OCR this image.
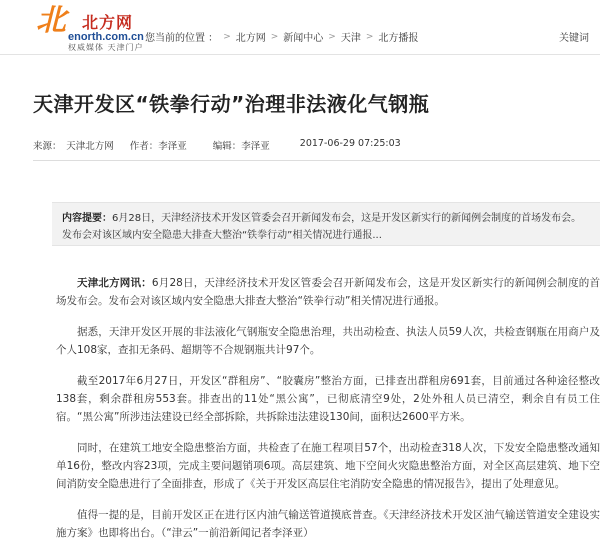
北 北方网
enorth.com.cn
权威媒体 天津门户
您当前的位置 ： > 北方网 > 新闻中心 > 天津 > 北方播报	关键词
天津开发区“铁拳行动”治理非法液化气钢瓶
来源：　天津北方网 作者：李泽亚	编辑：李泽亚	2017-06-29 07:25:03
内容提要：6月28日，天津经济技术开发区管委会召开新闻发布会，这是开发区新实行的新闻例会制度的首场发布会。发布会对该区域内安全隐患大排查大整治“铁拳行动”相关情况进行通报...

天津北方网讯：6月28日，天津经济技术开发区管委会召开新闻发布会，这是开发区新实行的新闻例会制度的首场发布会。发布会对该区域内安全隐患大排查大整治“铁拳行动”相关情况进行通报。

据悉，天津开发区开展的非法液化气钢瓶安全隐患治理，共出动检查、执法人员59人次，共检查钢瓶在用商户及个人108家，查扣无条码、超期等不合规钢瓶共计97个。

截至2017年6月27日，开发区“群租房”、“胶囊房”整治方面，已排查出群租房691套，目前通过各种途径整改138套，剩余群租房553套。排查出的11处“黑公寓”，已彻底清空9处，2处外租人员已清空，剩余自有员工住宿。“黑公寓”所涉违法建设已经全部拆除，共拆除违法建设130间，面积达2600平方米。

同时，在建筑工地安全隐患整治方面，共检查了在施工程项目57个，出动检查318人次，下发安全隐患整改通知单16份，整改内容23项，完成主要问题销项6项。高层建筑、地下空间火灾隐患整治方面，对全区高层建筑、地下空间消防安全隐患进行了全面排查，形成了《关于开发区高层住宅消防安全隐患的情况报告》，提出了处理意见。

值得一提的是，目前开发区正在进行区内油气输送管道摸底普查。《天津经济技术开发区油气输送管道安全建设实施方案》也即将出台。（“津云”一前沿新闻记者李泽亚）
